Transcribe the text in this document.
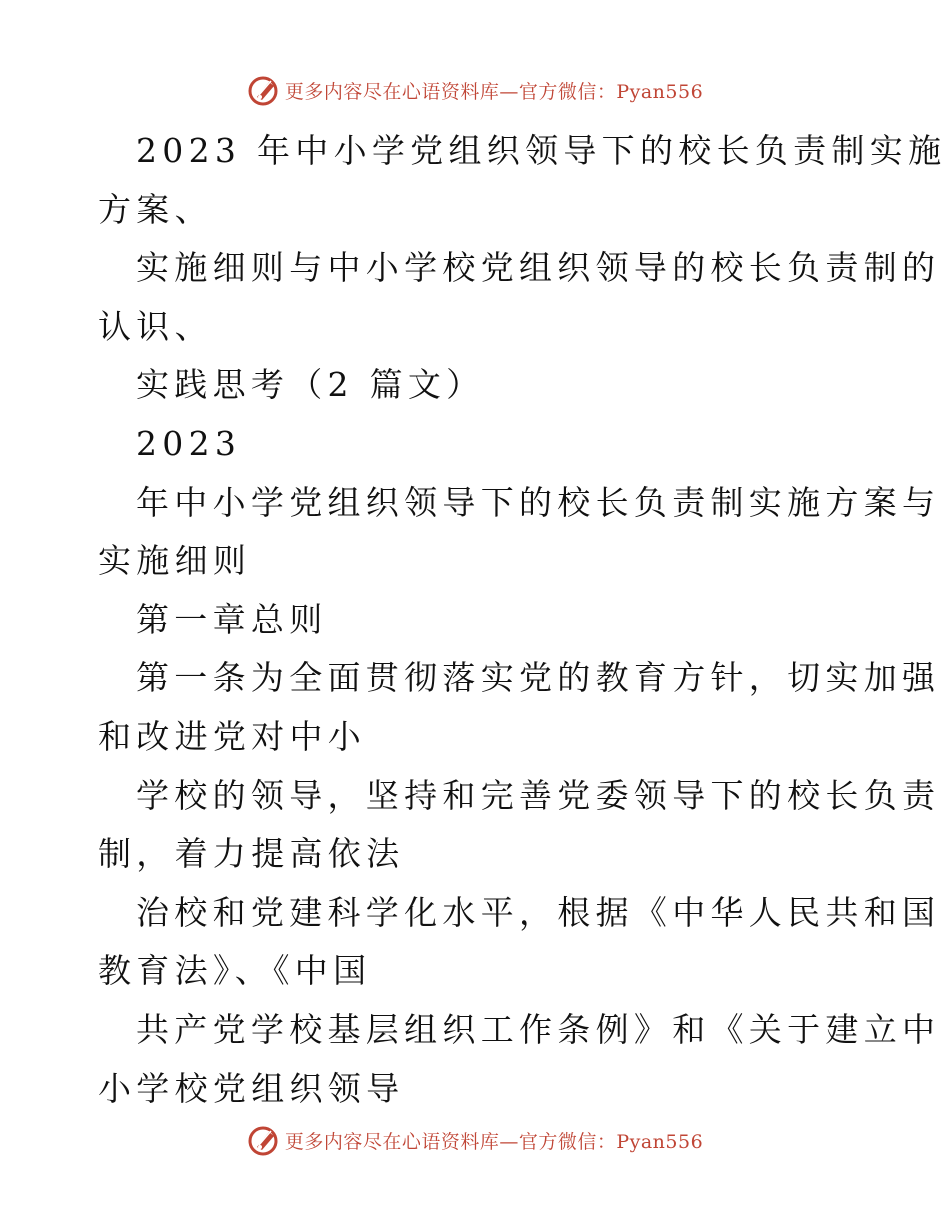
更多内容尽在心语资料库—官方微信：Pyan556
2023 年中小学党组织领导下的校长负责制实施
方案、
实施细则与中小学校党组织领导的校长负责制的
认识、
实践思考（2 篇文）
2023
年中小学党组织领导下的校长负责制实施方案与
实施细则
第一章总则
第一条为全面贯彻落实党的教育方针，切实加强
和改进党对中小
学校的领导，坚持和完善党委领导下的校长负责
制，着力提高依法
治校和党建科学化水平，根据《中华人民共和国
教育法》、《中国
共产党学校基层组织工作条例》和《关于建立中
小学校党组织领导
更多内容尽在心语资料库—官方微信：Pyan556
